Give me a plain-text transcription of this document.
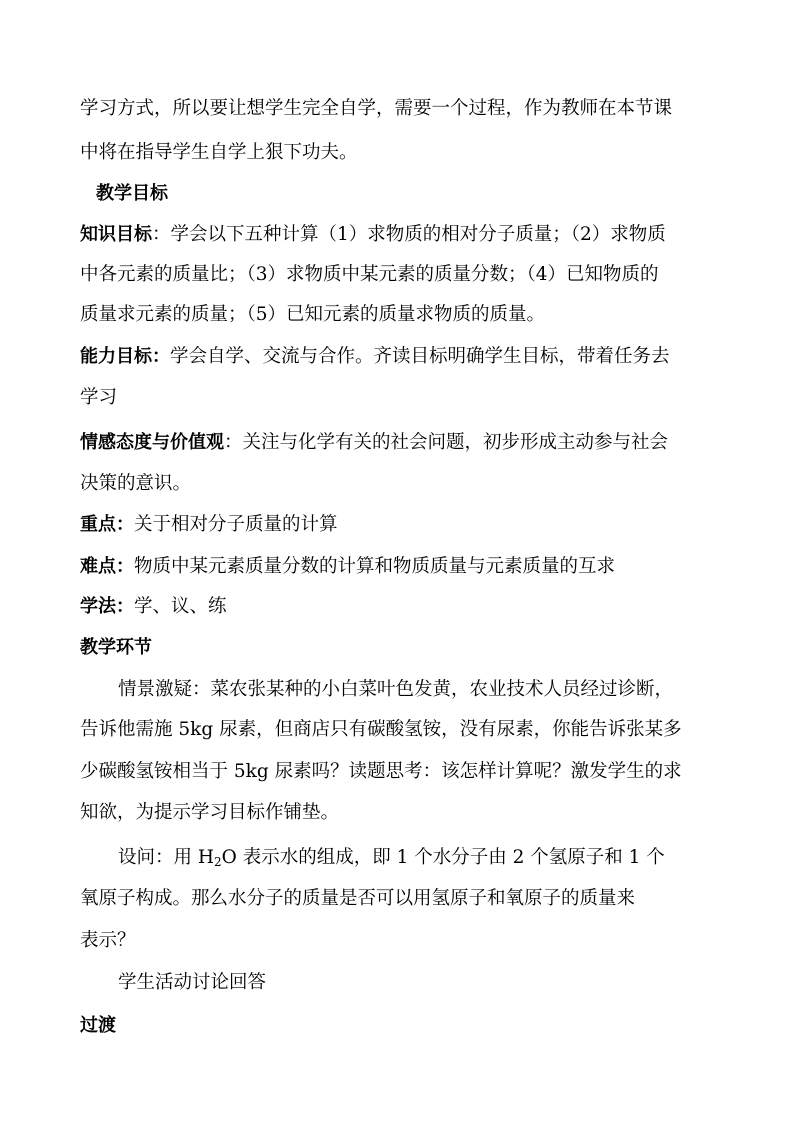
学习方式，所以要让想学生完全自学，需要一个过程，作为教师在本节课
中将在指导学生自学上狠下功夫。
教学目标
知识目标：学会以下五种计算（1）求物质的相对分子质量；（2）求物质
中各元素的质量比；（3）求物质中某元素的质量分数；（4）已知物质的
质量求元素的质量；（5）已知元素的质量求物质的质量。
能力目标：学会自学、交流与合作。齐读目标明确学生目标，带着任务去
学习
情感态度与价值观：关注与化学有关的社会问题，初步形成主动参与社会
决策的意识。
重点：关于相对分子质量的计算
难点：物质中某元素质量分数的计算和物质质量与元素质量的互求
学法：学、议、练
教学环节
情景激疑：菜农张某种的小白菜叶色发黄，农业技术人员经过诊断，
告诉他需施 5kg 尿素，但商店只有碳酸氢铵，没有尿素，你能告诉张某多
少碳酸氢铵相当于 5kg 尿素吗？读题思考：该怎样计算呢？激发学生的求
知欲，为提示学习目标作铺垫。
设问：用 $H_2O$ 表示水的组成，即 1 个水分子由 2 个氢原子和 1 个
氧原子构成。那么水分子的质量是否可以用氢原子和氧原子的质量来
表示？
学生活动讨论回答
过渡
